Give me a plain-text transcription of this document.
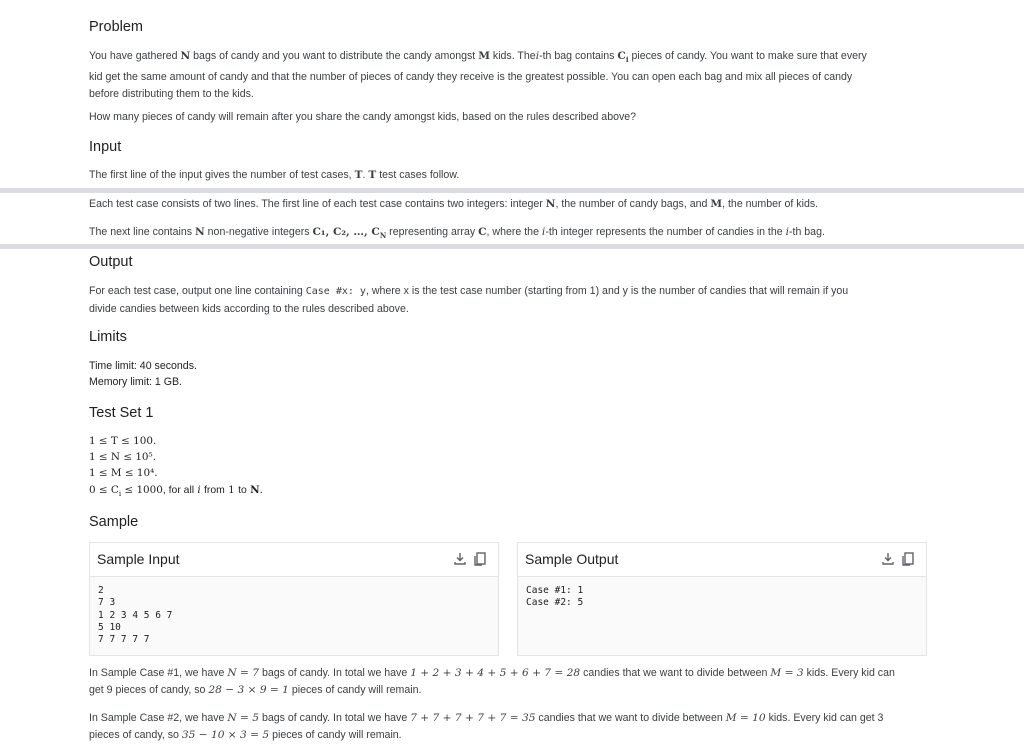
Problem
You have gathered N bags of candy and you want to distribute the candy amongst M kids. Thei-th bag contains $C_i$ pieces of candy. You want to make sure that every
kid get the same amount of candy and that the number of pieces of candy they receive is the greatest possible. You can open each bag and mix all pieces of candy
before distributing them to the kids.
How many pieces of candy will remain after you share the candy amongst kids, based on the rules described above?
Input
The first line of the input gives the number of test cases, T. T test cases follow.
Each test case consists of two lines. The first line of each test case contains two integers: integer N, the number of candy bags, and M, the number of kids.
The next line contains N non-negative integers C₁, C₂, …, $C_N$ representing array C, where the i-th integer represents the number of candies in the i-th bag.
Output
For each test case, output one line containing Case #x: y, where x is the test case number (starting from 1) and y is the number of candies that will remain if you
divide candies between kids according to the rules described above.
Limits
Time limit: 40 seconds.
Memory limit: 1 GB.
Test Set 1
1 ≤ T ≤ 100.
1 ≤ N ≤ 10⁵.
1 ≤ M ≤ 10⁴.
$0 \le C_i \le 1000$, for all i from 1 to N.
Sample
Sample Input
2
7 3
1 2 3 4 5 6 7
5 10
7 7 7 7 7
Sample Output
Case #1: 1
Case #2: 5
In Sample Case #1, we have N = 7 bags of candy. In total we have 1 + 2 + 3 + 4 + 5 + 6 + 7 = 28 candies that we want to divide between M = 3 kids. Every kid can
get 9 pieces of candy, so 28 − 3 × 9 = 1 pieces of candy will remain.
In Sample Case #2, we have N = 5 bags of candy. In total we have 7 + 7 + 7 + 7 + 7 = 35 candies that we want to divide between M = 10 kids. Every kid can get 3
pieces of candy, so 35 − 10 × 3 = 5 pieces of candy will remain.
